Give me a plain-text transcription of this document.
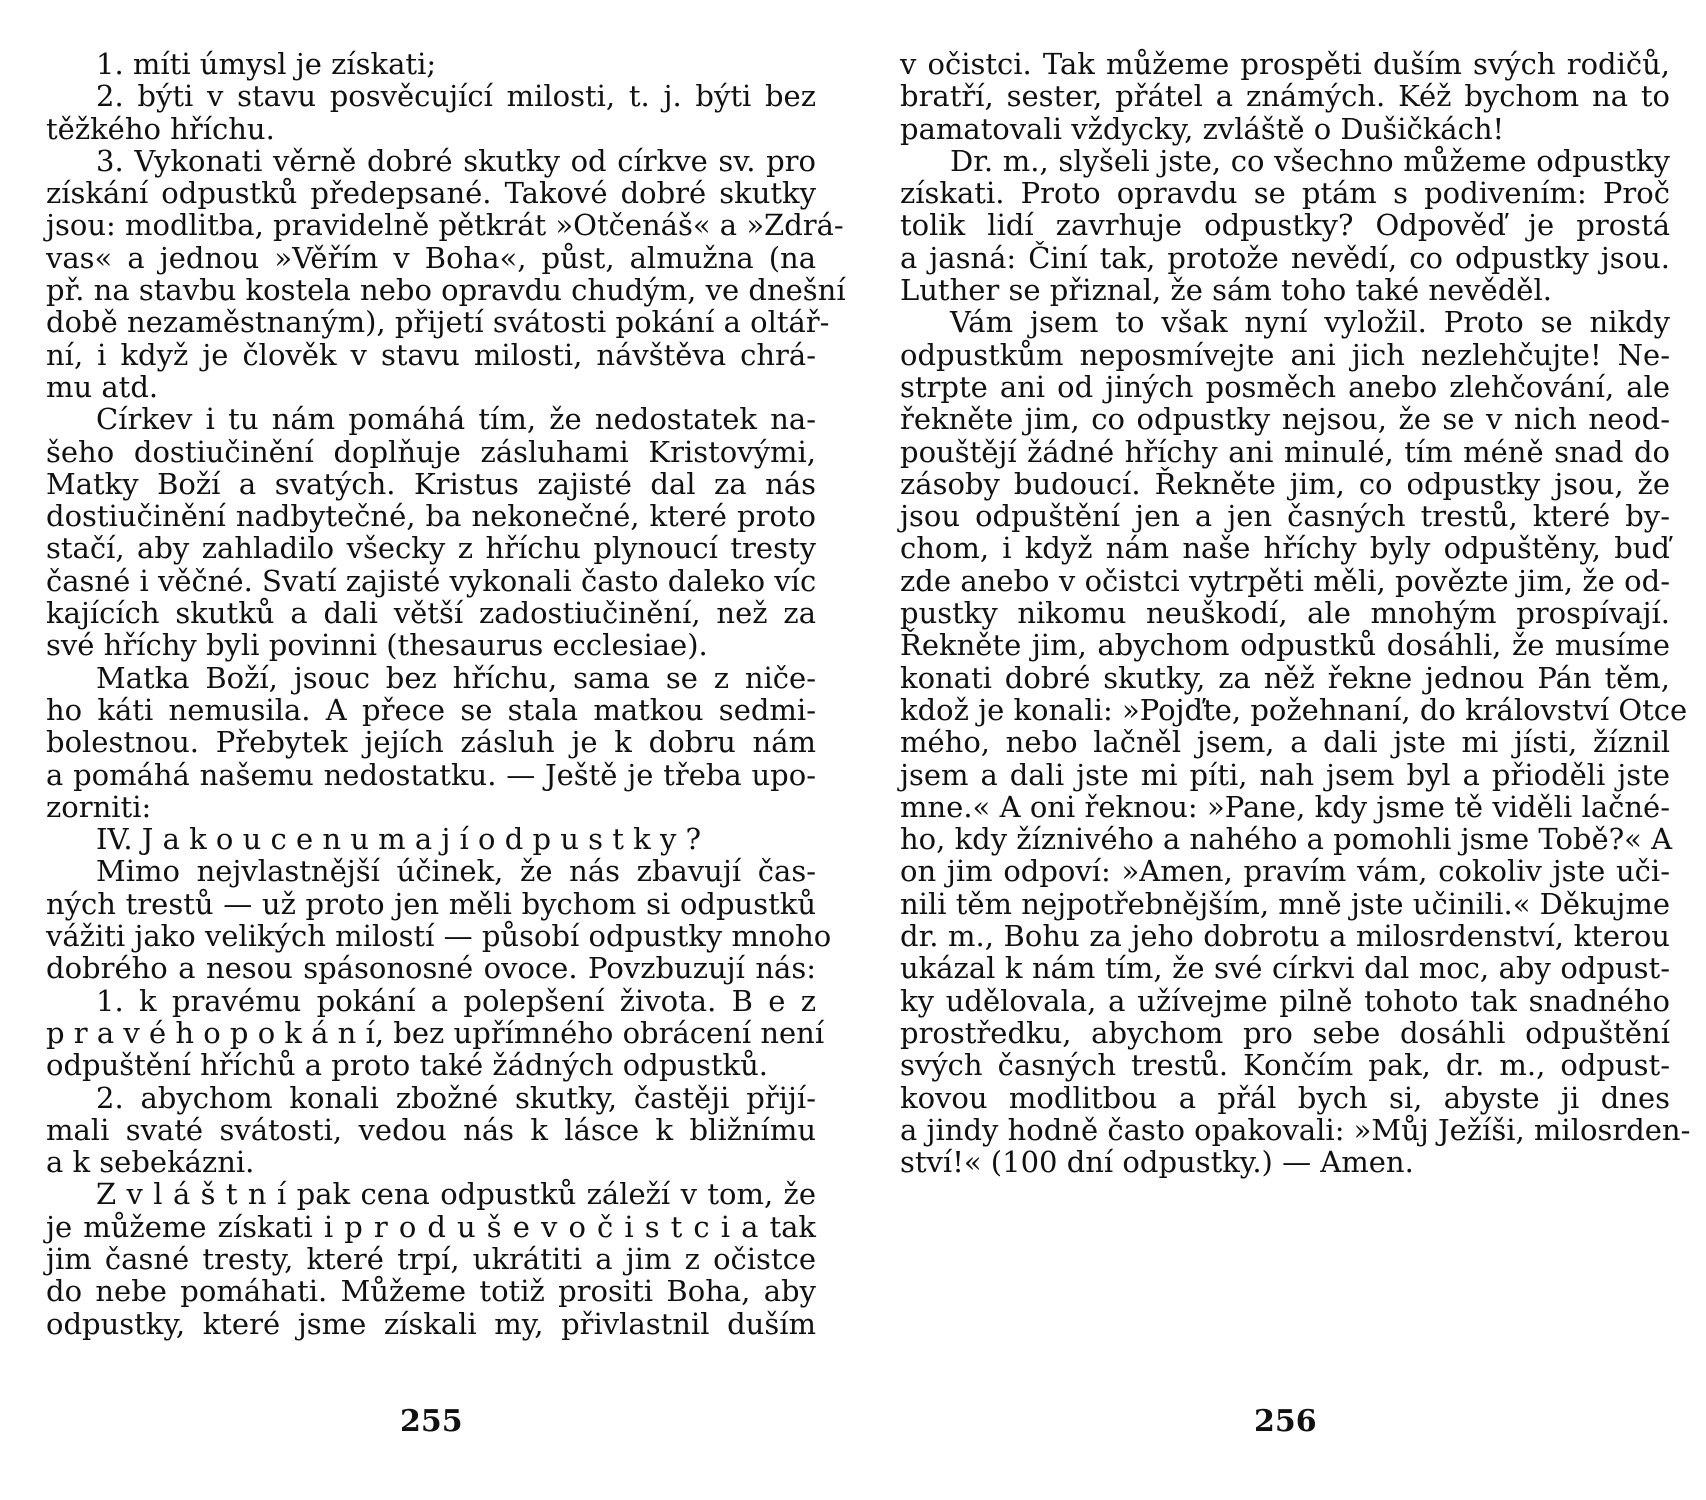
1. míti úmysl je získati;
2. býti v stavu posvěcující milosti, t. j. býti bez
těžkého hříchu.
3. Vykonati věrně dobré skutky od církve sv. pro
získání odpustků předepsané. Takové dobré skutky
jsou: modlitba, pravidelně pětkrát »Otčenáš« a »Zdrá-
vas« a jednou »Věřím v Boha«, půst, almužna (na
př. na stavbu kostela nebo opravdu chudým, ve dnešní
době nezaměstnaným), přijetí svátosti pokání a oltář-
ní, i když je člověk v stavu milosti, návštěva chrá-
mu atd.
Církev i tu nám pomáhá tím, že nedostatek na-
šeho dostiučinění doplňuje zásluhami Kristovými,
Matky Boží a svatých. Kristus zajisté dal za nás
dostiučinění nadbytečné, ba nekonečné, které proto
stačí, aby zahladilo všecky z hříchu plynoucí tresty
časné i věčné. Svatí zajisté vykonali často daleko víc
kajících skutků a dali větší zadostiučinění, než za
své hříchy byli povinni (thesaurus ecclesiae).
Matka Boží, jsouc bez hříchu, sama se z niče-
ho káti nemusila. A přece se stala matkou sedmi-
bolestnou. Přebytek jejích zásluh je k dobru nám
a pomáhá našemu nedostatku. — Ještě je třeba upo-
zorniti:
IV. J a k o u c e n u m a j í o d p u s t k y ?
Mimo nejvlastnější účinek, že nás zbavují čas-
ných trestů — už proto jen měli bychom si odpustků
vážiti jako velikých milostí — působí odpustky mnoho
dobrého a nesou spásonosné ovoce. Povzbuzují nás:
1. k pravému pokání a polepšení života. B e z
p r a v é h o p o k á n í, bez upřímného obrácení není
odpuštění hříchů a proto také žádných odpustků.
2. abychom konali zbožné skutky, častěji přijí-
mali svaté svátosti, vedou nás k lásce k bližnímu
a k sebekázni.
Z v l á š t n í pak cena odpustků záleží v tom, že
je můžeme získati i p r o d u š e v o č i s t c i a tak
jim časné tresty, které trpí, ukrátiti a jim z očistce
do nebe pomáhati. Můžeme totiž prositi Boha, aby
odpustky, které jsme získali my, přivlastnil duším
v očistci. Tak můžeme prospěti duším svých rodičů,
bratří, sester, přátel a známých. Kéž bychom na to
pamatovali vždycky, zvláště o Dušičkách!
Dr. m., slyšeli jste, co všechno můžeme odpustky
získati. Proto opravdu se ptám s podivením: Proč
tolik lidí zavrhuje odpustky? Odpověď je prostá
a jasná: Činí tak, protože nevědí, co odpustky jsou.
Luther se přiznal, že sám toho také nevěděl.
Vám jsem to však nyní vyložil. Proto se nikdy
odpustkům neposmívejte ani jich nezlehčujte! Ne-
strpte ani od jiných posměch anebo zlehčování, ale
řekněte jim, co odpustky nejsou, že se v nich neod-
pouštějí žádné hříchy ani minulé, tím méně snad do
zásoby budoucí. Řekněte jim, co odpustky jsou, že
jsou odpuštění jen a jen časných trestů, které by-
chom, i když nám naše hříchy byly odpuštěny, buď
zde anebo v očistci vytrpěti měli, povězte jim, že od-
pustky nikomu neuškodí, ale mnohým prospívají.
Řekněte jim, abychom odpustků dosáhli, že musíme
konati dobré skutky, za něž řekne jednou Pán těm,
kdož je konali: »Pojďte, požehnaní, do království Otce
mého, nebo lačněl jsem, a dali jste mi jísti, žíznil
jsem a dali jste mi píti, nah jsem byl a přioděli jste
mne.« A oni řeknou: »Pane, kdy jsme tě viděli lačné-
ho, kdy žíznivého a nahého a pomohli jsme Tobě?« A
on jim odpoví: »Amen, pravím vám, cokoliv jste uči-
nili těm nejpotřebnějším, mně jste učinili.« Děkujme
dr. m., Bohu za jeho dobrotu a milosrdenství, kterou
ukázal k nám tím, že své církvi dal moc, aby odpust-
ky udělovala, a užívejme pilně tohoto tak snadného
prostředku, abychom pro sebe dosáhli odpuštění
svých časných trestů. Končím pak, dr. m., odpust-
kovou modlitbou a přál bych si, abyste ji dnes
a jindy hodně často opakovali: »Můj Ježíši, milosrden-
ství!« (100 dní odpustky.) — Amen.
255	256
